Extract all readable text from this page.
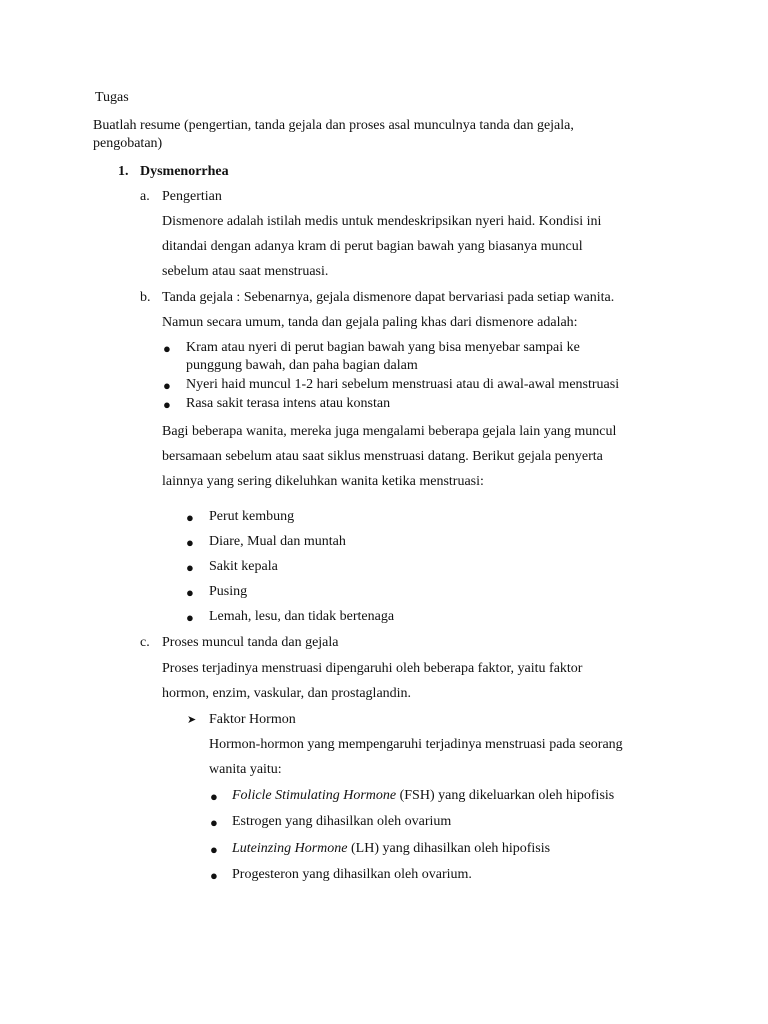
Tugas
Buatlah resume (pengertian, tanda gejala dan proses asal munculnya tanda dan gejala,
pengobatan)
1. Dysmenorrhea
a. Pengertian
Dismenore adalah istilah medis untuk mendeskripsikan nyeri haid. Kondisi ini
ditandai dengan adanya kram di perut bagian bawah yang biasanya muncul
sebelum atau saat menstruasi.
b. Tanda gejala : Sebenarnya, gejala dismenore dapat bervariasi pada setiap wanita.
Namun secara umum, tanda dan gejala paling khas dari dismenore adalah:
● Kram atau nyeri di perut bagian bawah yang bisa menyebar sampai ke
punggung bawah, dan paha bagian dalam
● Nyeri haid muncul 1-2 hari sebelum menstruasi atau di awal-awal menstruasi
● Rasa sakit terasa intens atau konstan
Bagi beberapa wanita, mereka juga mengalami beberapa gejala lain yang muncul
bersamaan sebelum atau saat siklus menstruasi datang. Berikut gejala penyerta
lainnya yang sering dikeluhkan wanita ketika menstruasi:
● Perut kembung
● Diare, Mual dan muntah
● Sakit kepala
● Pusing
● Lemah, lesu, dan tidak bertenaga
c. Proses muncul tanda dan gejala
Proses terjadinya menstruasi dipengaruhi oleh beberapa faktor, yaitu faktor
hormon, enzim, vaskular, dan prostaglandin.
➤ Faktor Hormon
Hormon-hormon yang mempengaruhi terjadinya menstruasi pada seorang
wanita yaitu:
● Folicle Stimulating Hormone (FSH) yang dikeluarkan oleh hipofisis
● Estrogen yang dihasilkan oleh ovarium
● Luteinzing Hormone (LH) yang dihasilkan oleh hipofisis
● Progesteron yang dihasilkan oleh ovarium.
